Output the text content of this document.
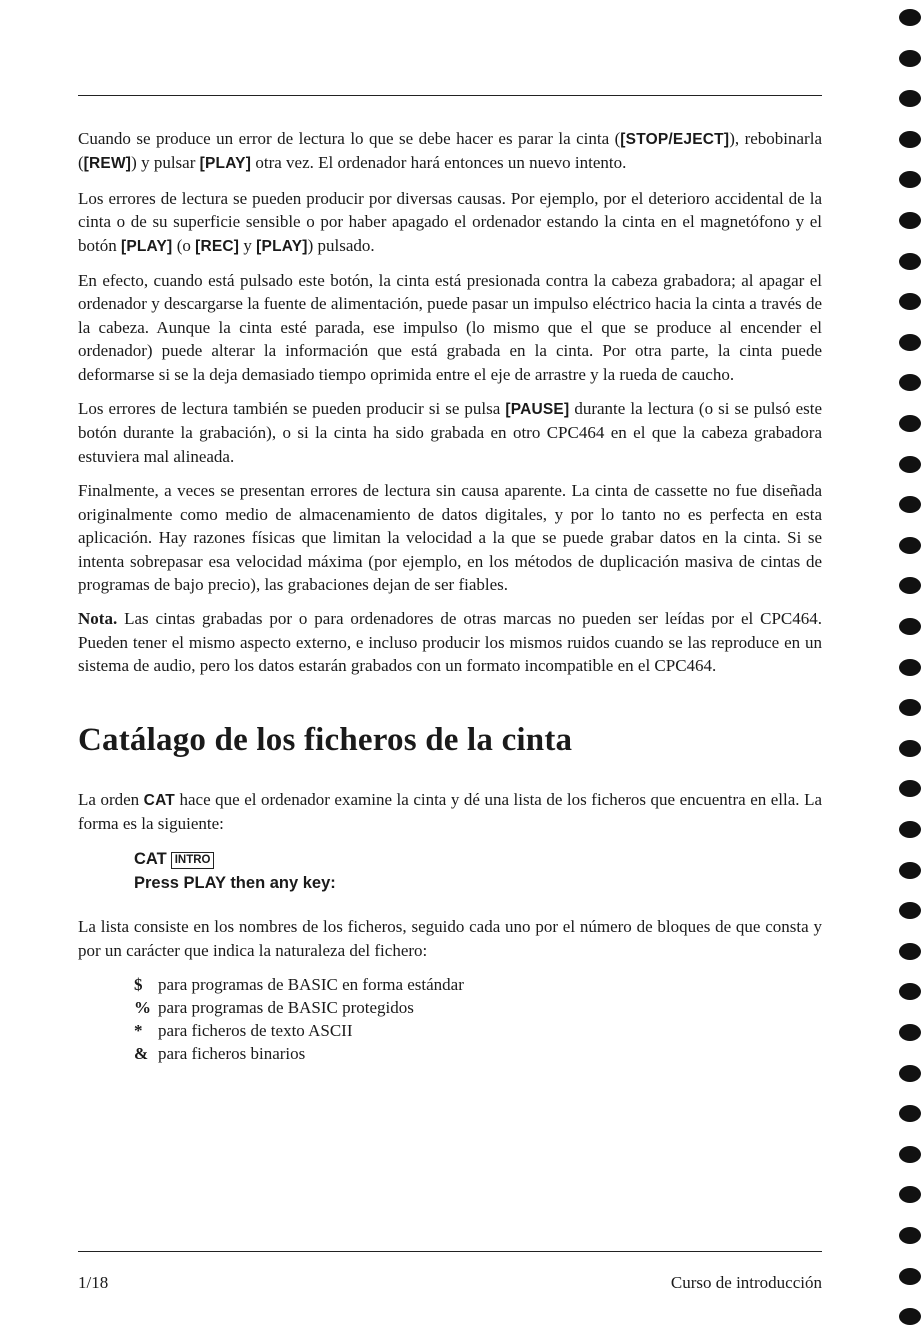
Cuando se produce un error de lectura lo que se debe hacer es parar la cinta ([STOP/EJECT]), rebobinarla ([REW]) y pulsar [PLAY] otra vez. El ordenador hará entonces un nuevo intento.

Los errores de lectura se pueden producir por diversas causas. Por ejemplo, por el deterioro accidental de la cinta o de su superficie sensible o por haber apagado el ordenador estando la cinta en el magnetófono y el botón [PLAY] (o [REC] y [PLAY]) pulsado.

En efecto, cuando está pulsado este botón, la cinta está presionada contra la cabeza grabadora; al apagar el ordenador y descargarse la fuente de alimentación, puede pasar un impulso eléctrico hacia la cinta a través de la cabeza. Aunque la cinta esté parada, ese impulso (lo mismo que el que se produce al encender el ordenador) puede alterar la información que está grabada en la cinta. Por otra parte, la cinta puede deformarse si se la deja demasiado tiempo oprimida entre el eje de arrastre y la rueda de caucho.

Los errores de lectura también se pueden producir si se pulsa [PAUSE] durante la lectura (o si se pulsó este botón durante la grabación), o si la cinta ha sido grabada en otro CPC464 en el que la cabeza grabadora estuviera mal alineada.

Finalmente, a veces se presentan errores de lectura sin causa aparente. La cinta de cassette no fue diseñada originalmente como medio de almacenamiento de datos digitales, y por lo tanto no es perfecta en esta aplicación. Hay razones físicas que limitan la velocidad a la que se puede grabar datos en la cinta. Si se intenta sobrepasar esa velocidad máxima (por ejemplo, en los métodos de duplicación masiva de cintas de programas de bajo precio), las grabaciones dejan de ser fiables.

Nota. Las cintas grabadas por o para ordenadores de otras marcas no pueden ser leídas por el CPC464. Pueden tener el mismo aspecto externo, e incluso producir los mismos ruidos cuando se las reproduce en un sistema de audio, pero los datos estarán grabados con un formato incompatible en el CPC464.

Catálago de los ficheros de la cinta

La orden CAT hace que el ordenador examine la cinta y dé una lista de los ficheros que encuentra en ella. La forma es la siguiente:

CAT INTRO
Press PLAY then any key:

La lista consiste en los nombres de los ficheros, seguido cada uno por el número de bloques de que consta y por un carácter que indica la naturaleza del fichero:

$ para programas de BASIC en forma estándar
% para programas de BASIC protegidos
* para ficheros de texto ASCII
& para ficheros binarios
1/18	Curso de introducción
